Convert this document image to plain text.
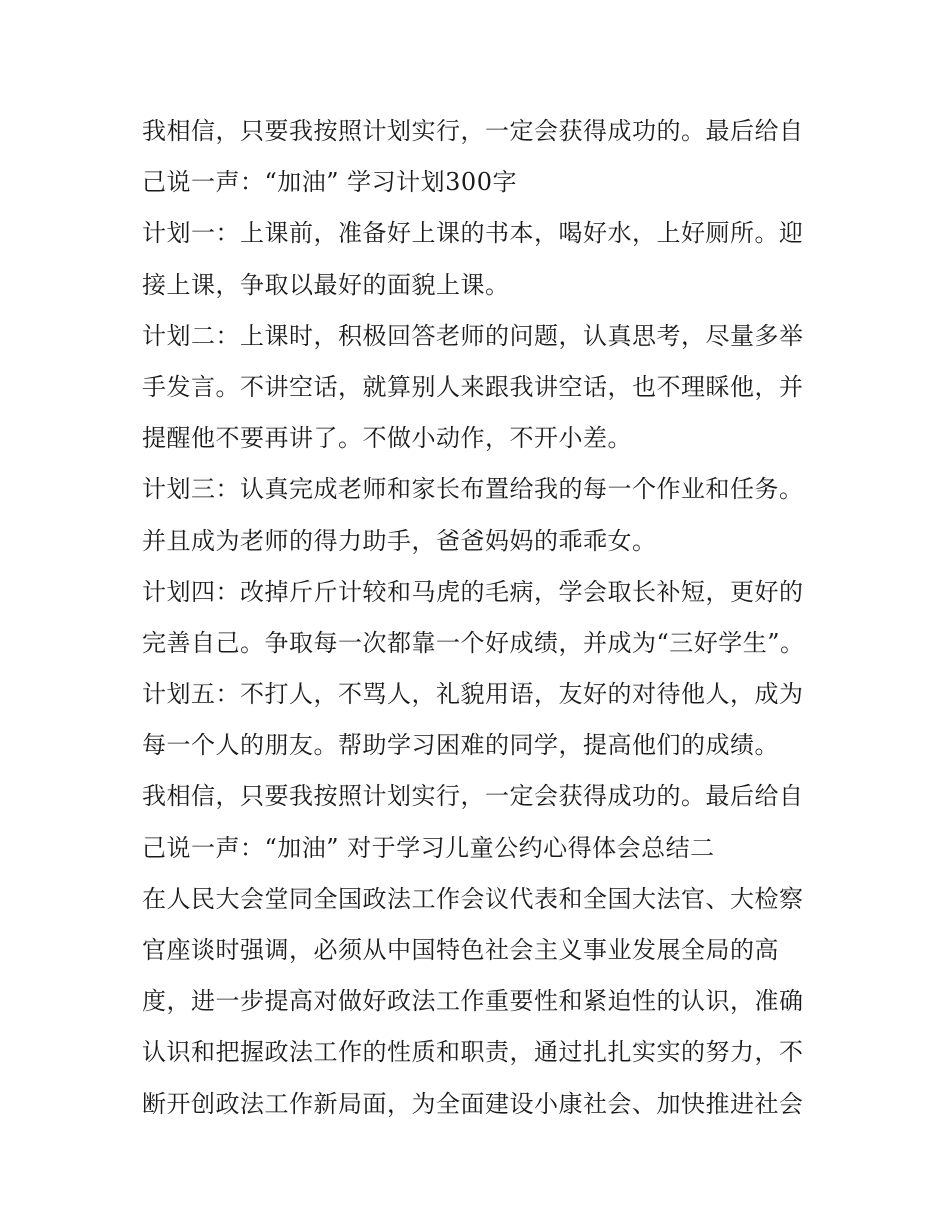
我相信，只要我按照计划实行，一定会获得成功的。最后给自
己说一声：“加油” 学习计划300字
计划一：上课前，准备好上课的书本，喝好水，上好厕所。迎
接上课，争取以最好的面貌上课。
计划二：上课时，积极回答老师的问题，认真思考，尽量多举
手发言。不讲空话，就算别人来跟我讲空话，也不理睬他，并
提醒他不要再讲了。不做小动作，不开小差。
计划三：认真完成老师和家长布置给我的每一个作业和任务。
并且成为老师的得力助手，爸爸妈妈的乖乖女。
计划四：改掉斤斤计较和马虎的毛病，学会取长补短，更好的
完善自己。争取每一次都靠一个好成绩，并成为“三好学生”。
计划五：不打人，不骂人，礼貌用语，友好的对待他人，成为
每一个人的朋友。帮助学习困难的同学，提高他们的成绩。
我相信，只要我按照计划实行，一定会获得成功的。最后给自
己说一声：“加油” 对于学习儿童公约心得体会总结二
在人民大会堂同全国政法工作会议代表和全国大法官、大检察
官座谈时强调，必须从中国特色社会主义事业发展全局的高
度，进一步提高对做好政法工作重要性和紧迫性的认识，准确
认识和把握政法工作的性质和职责，通过扎扎实实的努力，不
断开创政法工作新局面，为全面建设小康社会、加快推进社会
